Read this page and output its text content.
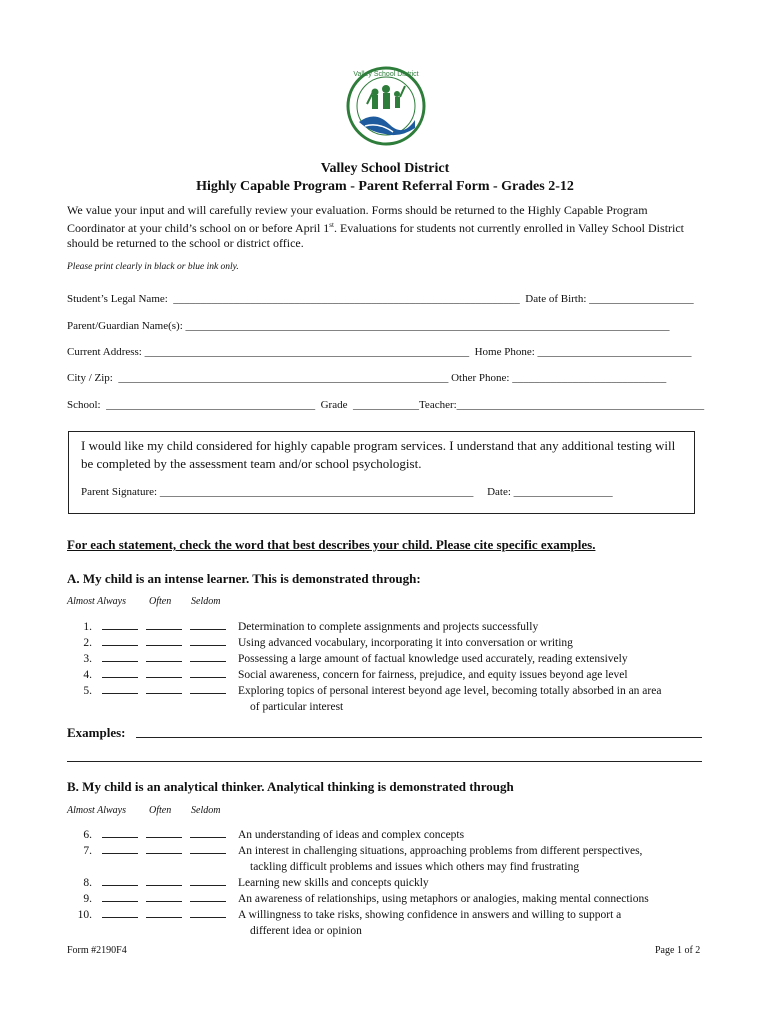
Valley School District
Valley School District
Highly Capable Program - Parent Referral Form - Grades 2-12
We value your input and will carefully review your evaluation. Forms should be returned to the Highly Capable Program Coordinator at your child’s school on or before April 1st. Evaluations for students not currently enrolled in Valley School District should be returned to the school or district office.
Please print clearly in black or blue ink only.
Student’s Legal Name:  _______________________________________________________________  Date of Birth: ___________________
Parent/Guardian Name(s): ________________________________________________________________________________________
Current Address: ___________________________________________________________  Home Phone: ____________________________
City / Zip:  ____________________________________________________________ Other Phone: ____________________________
School:  ______________________________________  Grade  ____________Teacher:_____________________________________________
I would like my child considered for highly capable program services. I understand that any additional testing will be completed by the assessment team and/or school psychologist.
Parent Signature: _________________________________________________________     Date: __________________
For each statement, check the word that best describes your child. Please cite specific examples.
A. My child is an intense learner. This is demonstrated through:
Almost Always Often Seldom
1.	Determination to complete assignments and projects successfully
2.	Using advanced vocabulary, incorporating it into conversation or writing
3.	Possessing a large amount of factual knowledge used accurately, reading extensively
4.	Social awareness, concern for fairness, prejudice, and equity issues beyond age level
5.	Exploring topics of personal interest beyond age level, becoming totally absorbed in an area
of particular interest
Examples:
B. My child is an analytical thinker. Analytical thinking is demonstrated through
Almost Always Often Seldom
6.	An understanding of ideas and complex concepts
7.	An interest in challenging situations, approaching problems from different perspectives,
tackling difficult problems and issues which others may find frustrating
8.	Learning new skills and concepts quickly
9.	An awareness of relationships, using metaphors or analogies, making mental connections
10.	A willingness to take risks, showing confidence in answers and willing to support a
different idea or opinion
Form #2190F4	Page 1 of 2
